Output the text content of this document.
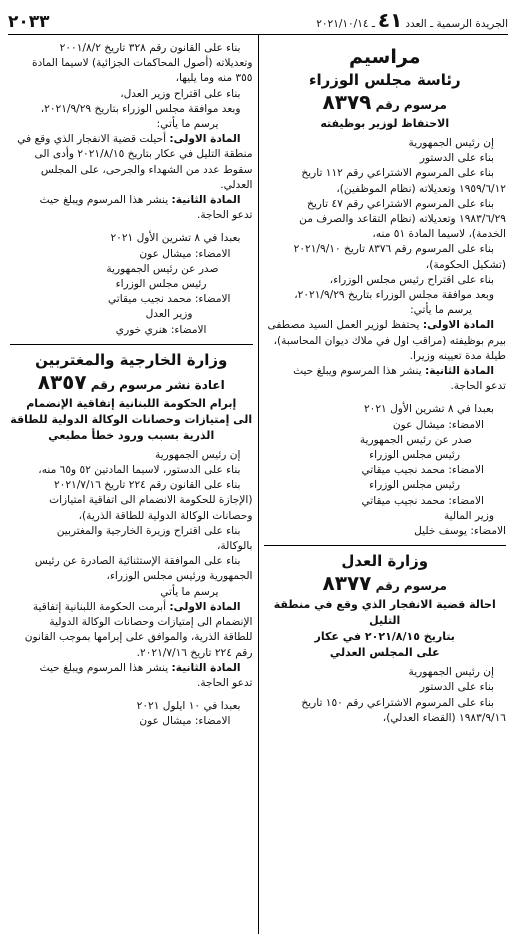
الجريدة الرسمية ـ العدد
٤١
ـ ٢٠٢١/١٠/١٤
٢٠٣٣
مراسيم
رئاسة مجلس الوزراء
مرسوم رقم ٨٣٧٩
الاحتفاظ لوزير بوظيفته

إن رئيس الجمهورية

بناء على الدستور

بناء على المرسوم الاشتراعي رقم ١١٢ تاريخ

١٩٥٩/٦/١٢ وتعديلاته (نظام الموظفين)،

بناء على المرسوم الاشتراعي رقم ٤٧ تاريخ

١٩٨٣/٦/٢٩ وتعديلاته (نظام التقاعد والصرف من

الخدمة)، لاسيما المادة ٥١ منه،

بناء على المرسوم رقم ٨٣٧٦ تاريخ ٢٠٢١/٩/١٠

(تشكيل الحكومة)،

بناء على اقتراح رئيس مجلس الوزراء،

وبعد موافقة مجلس الوزراء بتاريخ ٢٠٢١/٩/٢٩،

يرسم ما يأتي:

المادة الاولى: يحتفظ لوزير العمل السيد مصطفى

بيرم بوظيفته (مراقب اول في ملاك ديوان المحاسبة)،

طيلة مدة تعيينه وزيرا.

المادة الثانية: ينشر هذا المرسوم ويبلغ حيث

تدعو الحاجة.

بعبدا في ٨ تشرين الأول ٢٠٢١

الامضاء: ميشال عون

صدر عن رئيس الجمهورية

رئيس مجلس الوزراء

الامضاء: محمد نجيب ميقاتي

رئيس مجلس الوزراء

الامضاء: محمد نجيب ميقاتي

وزير المالية

الامضاء: يوسف خليل

وزارة العدل
مرسوم رقم ٨٣٧٧
احالة قضية الانفجار الذي وقع في منطقة التليل
بتاريخ ٢٠٢١/٨/١٥ في عكار
على المجلس العدلي

إن رئيس الجمهورية

بناء على الدستور

بناء على المرسوم الاشتراعي رقم ١٥٠ تاريخ

١٩٨٣/٩/١٦ (القضاء العدلي)،

بناء على القانون رقم ٣٢٨ تاريخ ٢٠٠١/٨/٢

وتعديلاته (أصول المحاكمات الجزائية) لاسيما المادة

٣٥٥ منه وما يليها،

بناء على اقتراح وزير العدل،

وبعد موافقة مجلس الوزراء بتاريخ ٢٠٢١/٩/٢٩،

يرسم ما يأتي:

المادة الاولى: أحيلت قضية الانفجار الذي وقع في

منطقة التليل في عكار بتاريخ ٢٠٢١/٨/١٥ وأدى الى

سقوط عدد من الشهداء والجرحى، على المجلس

العدلي.

المادة الثانية: ينشر هذا المرسوم ويبلغ حيث

تدعو الحاجة.

بعبدا في ٨ تشرين الأول ٢٠٢١

الامضاء: ميشال عون

صدر عن رئيس الجمهورية

رئيس مجلس الوزراء

الامضاء: محمد نجيب ميقاتي

وزير العدل

الامضاء: هنري خوري

وزارة الخارجية والمغتربين
اعادة نشر مرسوم رقم ٨٣٥٧
إبرام الحكومة اللبنانية إتفاقية الإنضمام
الى إمتيازات وحصانات الوكالة الدولية للطاقة
الذرية بسبب ورود خطأ مطبعي

إن رئيس الجمهورية

بناء على الدستور، لاسيما المادتين ٥٢ و٦٥ منه،

بناء على القانون رقم ٢٢٤ تاريخ ٢٠٢١/٧/١٦

(الإجازة للحكومة الانضمام الى اتفاقية امتيازات

وحصانات الوكالة الدولية للطاقة الذرية)،

بناء على اقتراح وزيرة الخارجية والمغتربين

بالوكالة،

بناء على الموافقة الإستثنائية الصادرة عن رئيس

الجمهورية ورئيس مجلس الوزراء،

يرسم ما يأتي

المادة الاولى: أبرمت الحكومة اللبنانية إتفاقية

الإنضمام الى إمتيازات وحصانات الوكالة الدولية

للطاقة الذرية، والموافق على إبرامها بموجب القانون

رقم ٢٢٤ تاريخ ٢٠٢١/٧/١٦.

المادة الثانية: ينشر هذا المرسوم ويبلغ حيث

تدعو الحاجة.

بعبدا في ١٠ ايلول ٢٠٢١

الامضاء: ميشال عون
